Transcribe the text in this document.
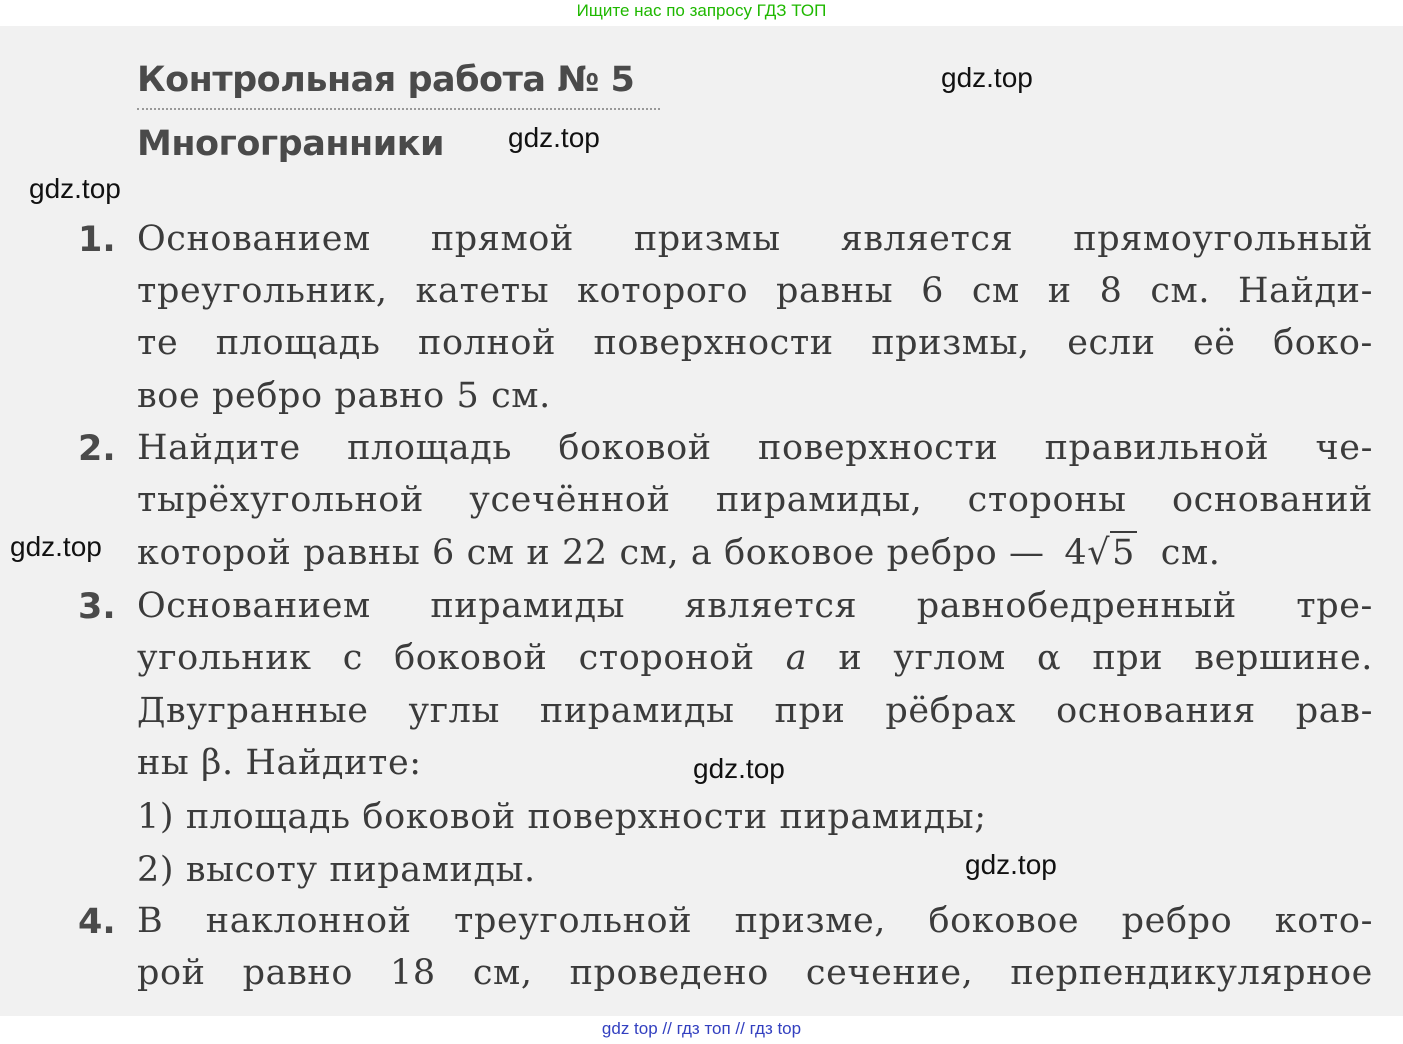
Ищите нас по запросу ГДЗ ТОП
Контрольная работа № 5
Многогранники
1. Основанием прямой призмы является прямоугольный
треугольник, катеты которого равны 6 см и 8 см. Найди-
те площадь полной поверхности призмы, если её боко-
вое ребро равно 5 см.
2. Найдите площадь боковой поверхности правильной че-
тырёхугольной усечённой пирамиды, стороны оснований
которой равны 6 см и 22 см, а боковое ребро — 4√5 см.
3. Основанием пирамиды является равнобедренный тре-
угольник с боковой стороной a и углом α при вершине.
Двугранные углы пирамиды при рёбрах основания рав-
ны β. Найдите:
1) площадь боковой поверхности пирамиды;
2) высоту пирамиды.
4. В наклонной треугольной призме, боковое ребро кото-
рой равно 18 см, проведено сечение, перпендикулярное
gdz.top
gdz.top
gdz.top
gdz.top
gdz.top
gdz.top
gdz top // гдз топ // гдз top
